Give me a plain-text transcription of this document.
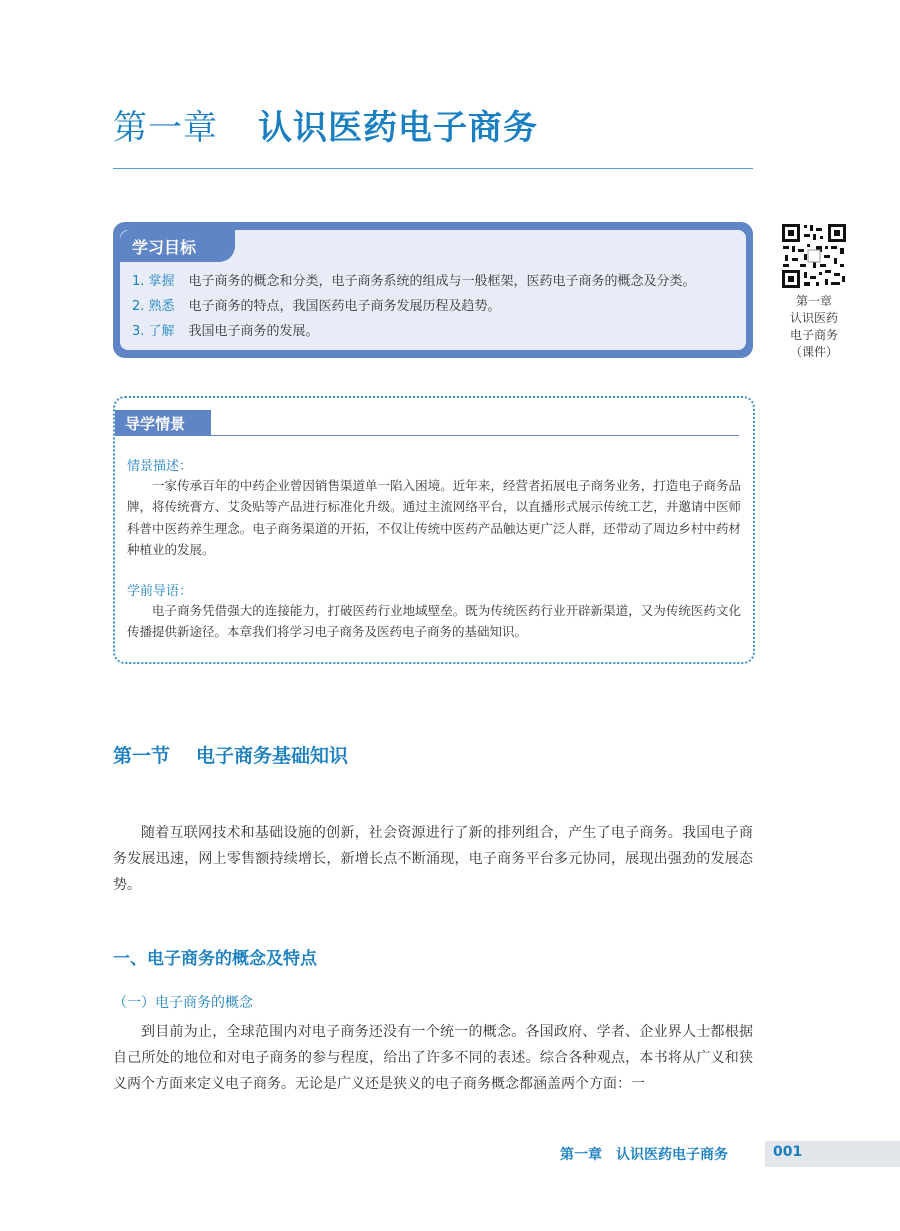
第一章 认识医药电子商务
学习目标
1. 掌握 电子商务的概念和分类，电子商务系统的组成与一般框架，医药电子商务的概念及分类。
2. 熟悉 电子商务的特点，我国医药电子商务发展历程及趋势。
3. 了解 我国电子商务的发展。
第一章
认识医药
电子商务
（课件）
导学情景
情景描述：
一家传承百年的中药企业曾因销售渠道单一陷入困境。近年来，经营者拓展电子商务业务，打造电子商务品牌，将传统膏方、艾灸贴等产品进行标准化升级。通过主流网络平台，以直播形式展示传统工艺，并邀请中医师科普中医药养生理念。电子商务渠道的开拓，不仅让传统中医药产品触达更广泛人群，还带动了周边乡村中药材种植业的发展。
学前导语：
电子商务凭借强大的连接能力，打破医药行业地域壁垒。既为传统医药行业开辟新渠道，又为传统医药文化传播提供新途径。本章我们将学习电子商务及医药电子商务的基础知识。
第一节 电子商务基础知识
随着互联网技术和基础设施的创新，社会资源进行了新的排列组合，产生了电子商务。我国电子商务发展迅速，网上零售额持续增长，新增长点不断涌现，电子商务平台多元协同，展现出强劲的发展态势。
一、电子商务的概念及特点
（一）电子商务的概念
到目前为止，全球范围内对电子商务还没有一个统一的概念。各国政府、学者、企业界人士都根据自己所处的地位和对电子商务的参与程度，给出了许多不同的表述。综合各种观点，本书将从广义和狭义两个方面来定义电子商务。无论是广义还是狭义的电子商务概念都涵盖两个方面：一
第一章 认识医药电子商务	001
